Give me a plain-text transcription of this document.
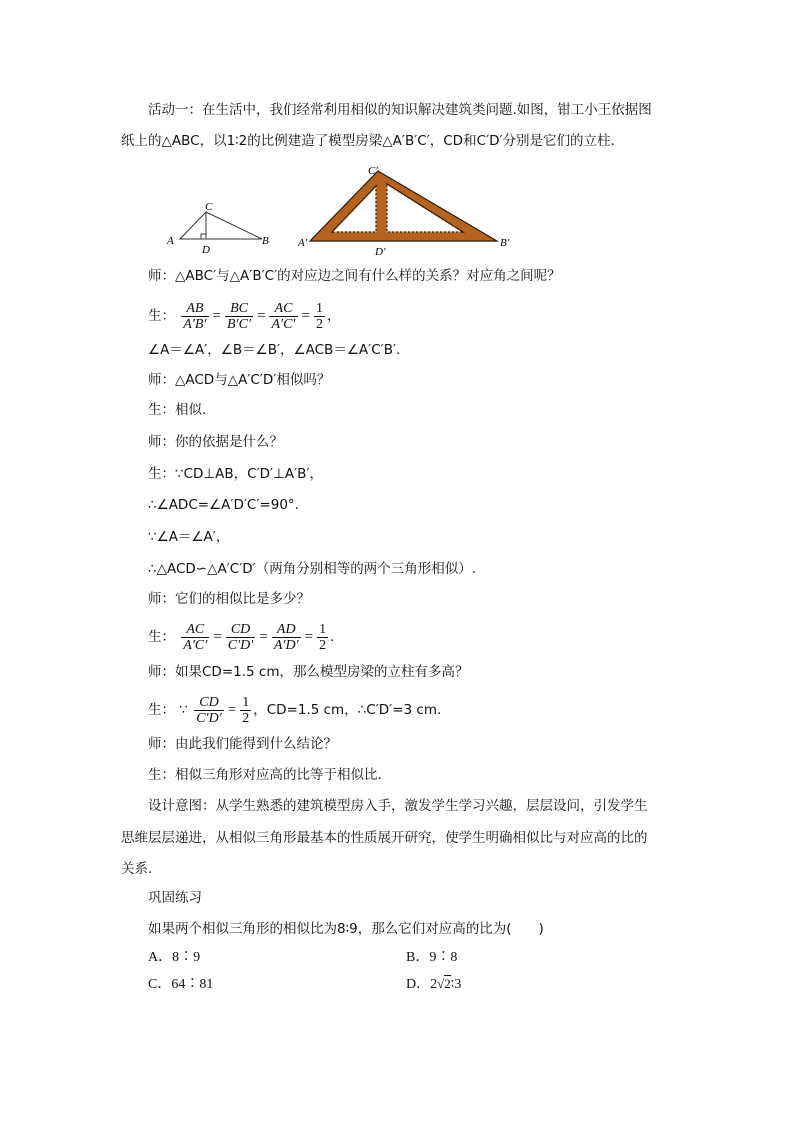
活动一：在生活中，我们经常利用相似的知识解决建筑类问题.如图，钳工小王依据图
纸上的△ABC，以1∶2的比例建造了模型房梁△A′B′C′，CD和C′D′分别是它们的立柱.
A	B
C
D
A′	B′
C′
D′
师：△ABC′与△A′B′C′的对应边之间有什么样的关系？对应角之间呢？
生： $\frac{AB}{A'B'} = \frac{BC}{B'C'} = \frac{AC}{A'C'} = \frac{1}{2}$ ，
∠A＝∠A′，∠B＝∠B′，∠ACB＝∠A′C′B′.
师：△ACD与△A′C′D′相似吗？
生：相似.
师：你的依据是什么？
生：∵CD⊥AB，C′D′⊥A′B′，
∴∠ADC=∠A′D′C′=90°.
∵∠A＝∠A′，
∴△ACD∽△A′C′D′（两角分别相等的两个三角形相似）.
师：它们的相似比是多少？
生： $\frac{AC}{A'C'} = \frac{CD}{C'D'} = \frac{AD}{A'D'} = \frac{1}{2}$ .
师：如果CD=1.5 cm，那么模型房梁的立柱有多高？
生： ∵ $\frac{CD}{C'D'} = \frac{1}{2}$ ，CD=1.5 cm，∴C′D′=3 cm.
师：由此我们能得到什么结论？
生：相似三角形对应高的比等于相似比.
设计意图：从学生熟悉的建筑模型房入手，激发学生学习兴趣，层层设问，引发学生
思维层层递进，从相似三角形最基本的性质展开研究，使学生明确相似比与对应高的比的
关系.
巩固练习
如果两个相似三角形的相似比为8∶9，那么它们对应高的比为(　　)
A．8∶9	B．9∶8
C．64∶81	D．2√2∶3
